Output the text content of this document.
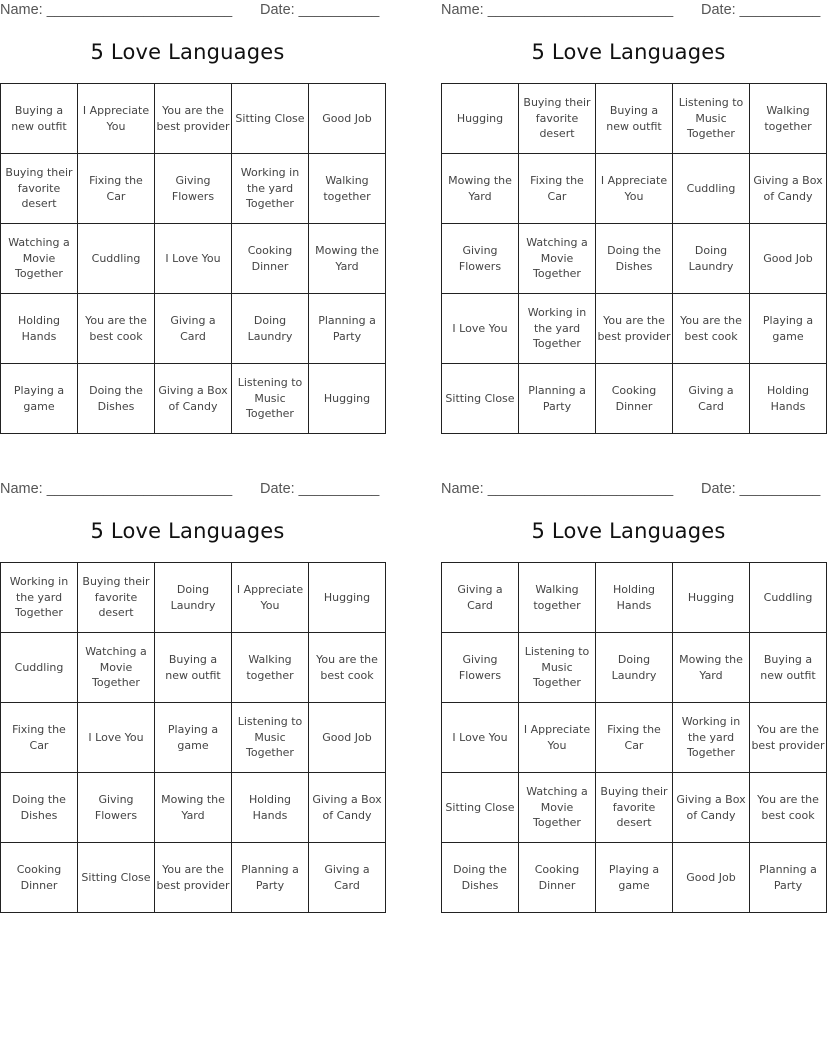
Name: _______________________ Date: __________
5 Love Languages
Buying a new outfit	I Appreciate You	You are the best provider	Sitting Close	Good Job
Buying their favorite desert	Fixing the Car	Giving Flowers	Working in the yard Together	Walking together
Watching a Movie Together	Cuddling	I Love You	Cooking Dinner	Mowing the Yard
Holding Hands	You are the best cook	Giving a Card	Doing Laundry	Planning a Party
Playing a game	Doing the Dishes	Giving a Box of Candy	Listening to Music Together	Hugging
Name: _______________________ Date: __________
5 Love Languages
Hugging	Buying their favorite desert	Buying a new outfit	Listening to Music Together	Walking together
Mowing the Yard	Fixing the Car	I Appreciate You	Cuddling	Giving a Box of Candy
Giving Flowers	Watching a Movie Together	Doing the Dishes	Doing Laundry	Good Job
I Love You	Working in the yard Together	You are the best provider	You are the best cook	Playing a game
Sitting Close	Planning a Party	Cooking Dinner	Giving a Card	Holding Hands
Name: _______________________ Date: __________
5 Love Languages
Working in the yard Together	Buying their favorite desert	Doing Laundry	I Appreciate You	Hugging
Cuddling	Watching a Movie Together	Buying a new outfit	Walking together	You are the best cook
Fixing the Car	I Love You	Playing a game	Listening to Music Together	Good Job
Doing the Dishes	Giving Flowers	Mowing the Yard	Holding Hands	Giving a Box of Candy
Cooking Dinner	Sitting Close	You are the best provider	Planning a Party	Giving a Card
Name: _______________________ Date: __________
5 Love Languages
Giving a Card	Walking together	Holding Hands	Hugging	Cuddling
Giving Flowers	Listening to Music Together	Doing Laundry	Mowing the Yard	Buying a new outfit
I Love You	I Appreciate You	Fixing the Car	Working in the yard Together	You are the best provider
Sitting Close	Watching a Movie Together	Buying their favorite desert	Giving a Box of Candy	You are the best cook
Doing the Dishes	Cooking Dinner	Playing a game	Good Job	Planning a Party
